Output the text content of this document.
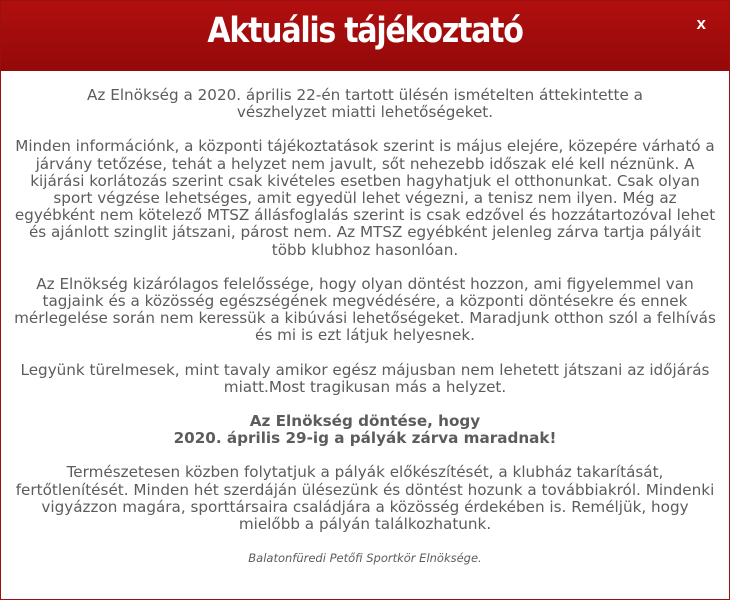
Aktuális tájékoztató	x

Az Elnökség a 2020. április 22-én tartott ülésén ismételten áttekintette a vészhelyzet miatti lehetőségeket.

Minden információnk, a központi tájékoztatások szerint is május elejére, közepére várható a járvány tetőzése, tehát a helyzet nem javult, sőt nehezebb időszak elé kell néznünk. A kijárási korlátozás szerint csak kivételes esetben hagyhatjuk el otthonunkat. Csak olyan sport végzése lehetséges, amit egyedül lehet végezni, a tenisz nem ilyen. Még az egyébként nem kötelező MTSZ állásfoglalás szerint is csak edzővel és hozzátartozóval lehet és ajánlott szinglit játszani, párost nem. Az MTSZ egyébként jelenleg zárva tartja pályáit több klubhoz hasonlóan.

Az Elnökség kizárólagos felelőssége, hogy olyan döntést hozzon, ami figyelemmel van tagjaink és a közösség egészségének megvédésére, a központi döntésekre és ennek mérlegelése során nem keressük a kibúvási lehetőségeket. Maradjunk otthon szól a felhívás és mi is ezt látjuk helyesnek.

Legyünk türelmesek, mint tavaly amikor egész májusban nem lehetett játszani az időjárás miatt.Most tragikusan más a helyzet.

Az Elnökség döntése, hogy
2020. április 29-ig a pályák zárva maradnak!

Természetesen közben folytatjuk a pályák előkészítését, a klubház takarítását, fertőtlenítését. Minden hét szerdáján ülésezünk és döntést hozunk a továbbiakról. Mindenki vigyázzon magára, sporttársaira családjára a közösség érdekében is. Reméljük, hogy mielőbb a pályán találkozhatunk.

Balatonfüredi Petőfi Sportkör Elnöksége.
